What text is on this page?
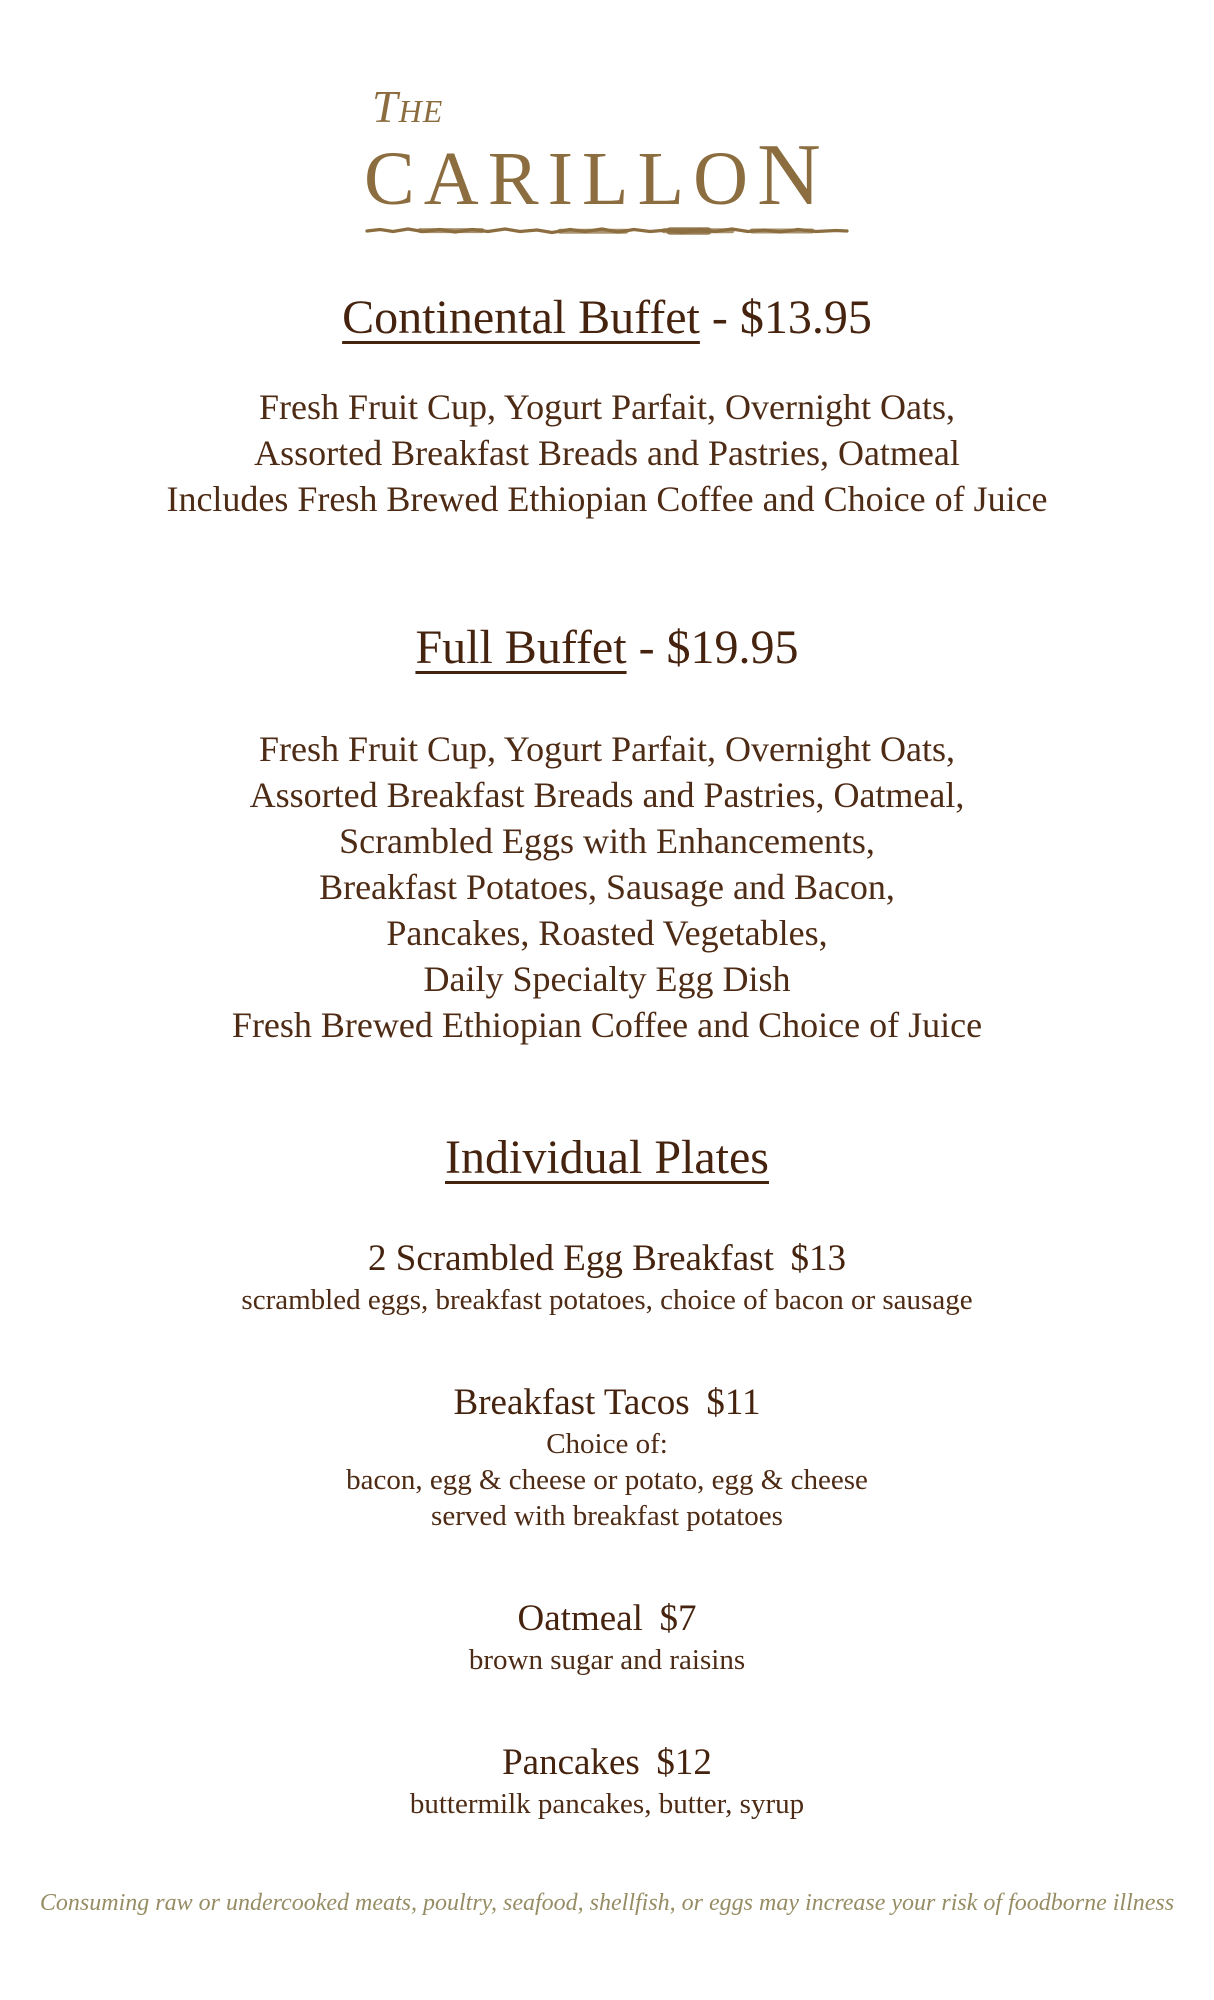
The
CARILLON
Continental Buffet - $13.95
Fresh Fruit Cup, Yogurt Parfait, Overnight Oats,
Assorted Breakfast Breads and Pastries, Oatmeal
Includes Fresh Brewed Ethiopian Coffee and Choice of Juice
Full Buffet - $19.95
Fresh Fruit Cup, Yogurt Parfait, Overnight Oats,
Assorted Breakfast Breads and Pastries, Oatmeal,
Scrambled Eggs with Enhancements,
Breakfast Potatoes, Sausage and Bacon,
Pancakes, Roasted Vegetables,
Daily Specialty Egg Dish
Fresh Brewed Ethiopian Coffee and Choice of Juice
Individual Plates
2 Scrambled Egg Breakfast $13
scrambled eggs, breakfast potatoes, choice of bacon or sausage
Breakfast Tacos $11
Choice of:
bacon, egg & cheese or potato, egg & cheese
served with breakfast potatoes
Oatmeal $7
brown sugar and raisins
Pancakes $12
buttermilk pancakes, butter, syrup
Consuming raw or undercooked meats, poultry, seafood, shellfish, or eggs may increase your risk of foodborne illness
